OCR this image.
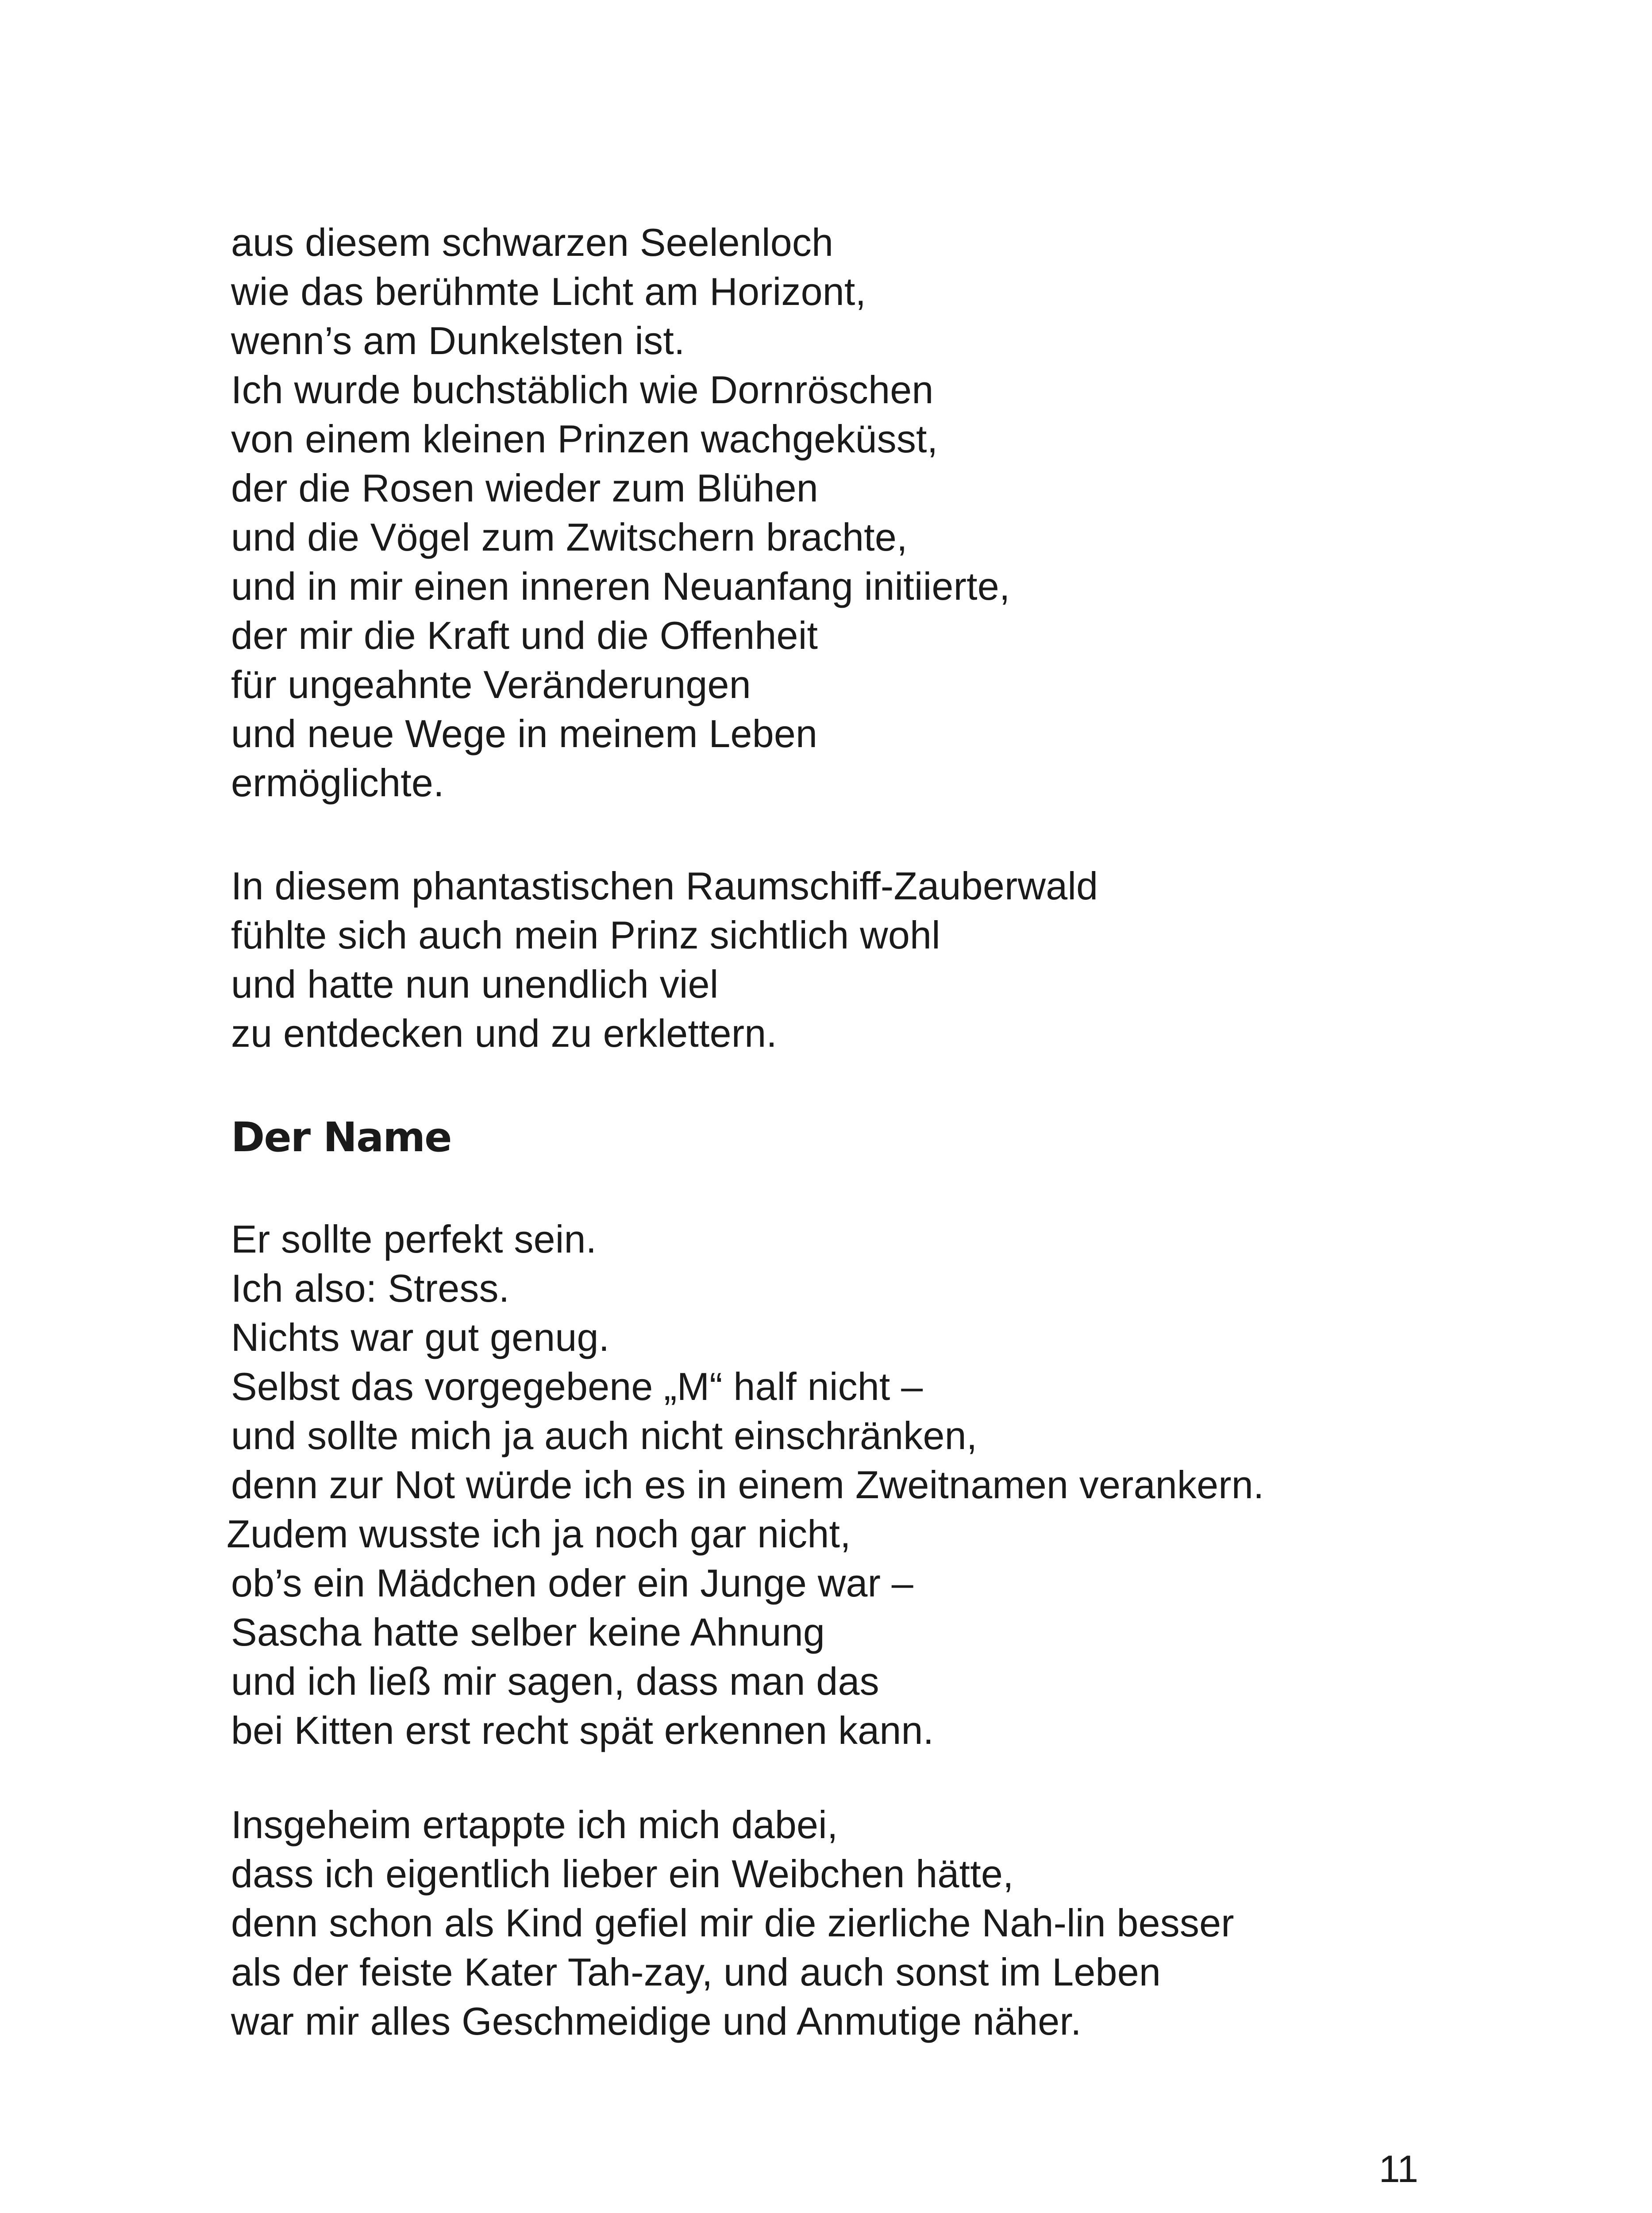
aus diesem schwarzen Seelenloch
wie das berühmte Licht am Horizont,
wenn’s am Dunkelsten ist.
Ich wurde buchstäblich wie Dornröschen
von einem kleinen Prinzen wachgeküsst,
der die Rosen wieder zum Blühen
und die Vögel zum Zwitschern brachte,
und in mir einen inneren Neuanfang initiierte,
der mir die Kraft und die Offenheit
für ungeahnte Veränderungen
und neue Wege in meinem Leben
ermöglichte.
In diesem phantastischen Raumschiff-Zauberwald
fühlte sich auch mein Prinz sichtlich wohl
und hatte nun unendlich viel
zu entdecken und zu erklettern.
Der Name
Er sollte perfekt sein.
Ich also: Stress.
Nichts war gut genug.
Selbst das vorgegebene „M“ half nicht –
und sollte mich ja auch nicht einschränken,
denn zur Not würde ich es in einem Zweitnamen verankern.
Zudem wusste ich ja noch gar nicht,
ob’s ein Mädchen oder ein Junge war –
Sascha hatte selber keine Ahnung
und ich ließ mir sagen, dass man das
bei Kitten erst recht spät erkennen kann.
Insgeheim ertappte ich mich dabei,
dass ich eigentlich lieber ein Weibchen hätte,
denn schon als Kind gefiel mir die zierliche Nah-lin besser
als der feiste Kater Tah-zay, und auch sonst im Leben
war mir alles Geschmeidige und Anmutige näher.
11
